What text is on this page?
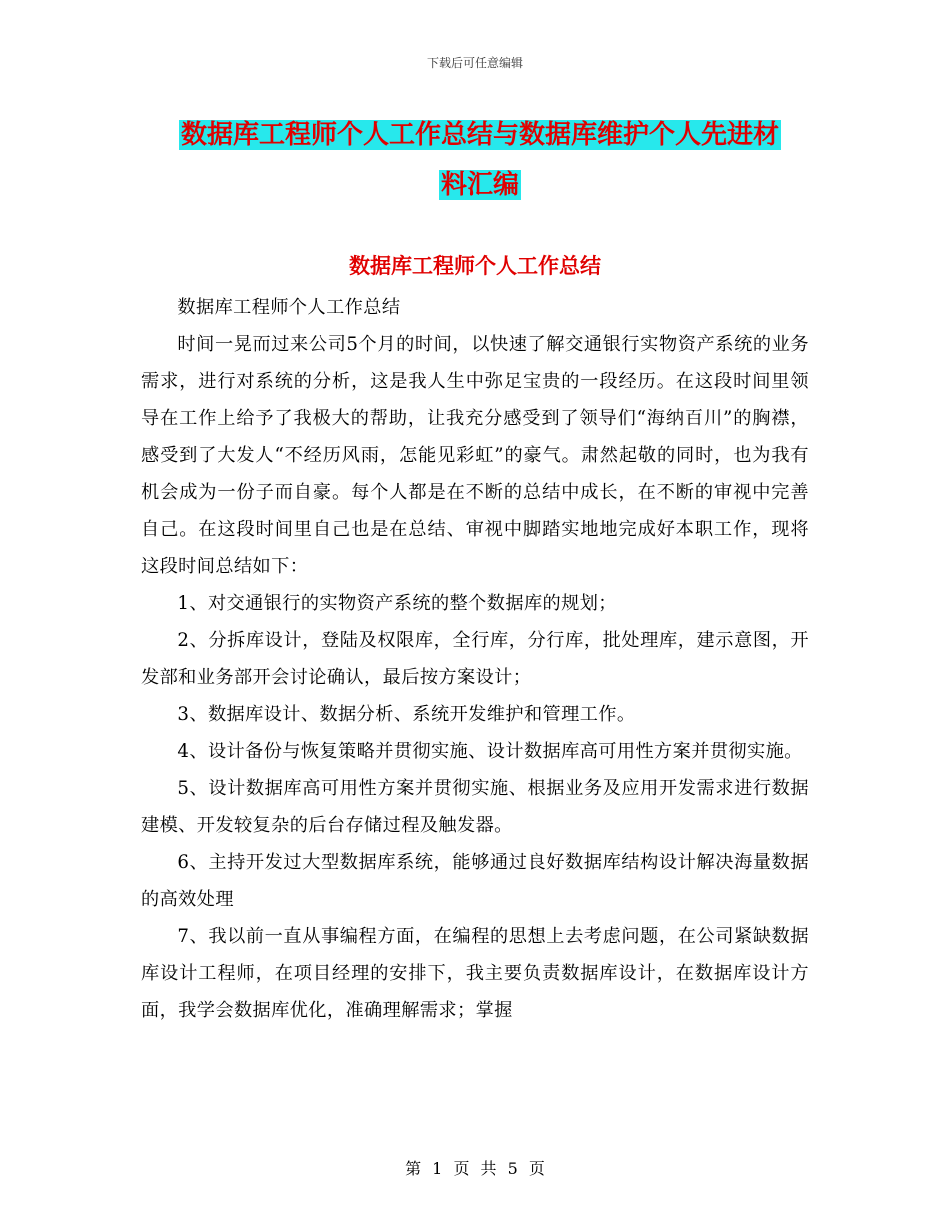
下载后可任意编辑
数据库工程师个人工作总结与数据库维护个人先进材
料汇编
数据库工程师个人工作总结

数据库工程师个人工作总结

时间一晃而过来公司5个月的时间，以快速了解交通银行实物资产系统的业务需求，进行对系统的分析，这是我人生中弥足宝贵的一段经历。在这段时间里领导在工作上给予了我极大的帮助，让我充分感受到了领导们“海纳百川”的胸襟，感受到了大发人“不经历风雨，怎能见彩虹”的豪气。肃然起敬的同时，也为我有机会成为一份子而自豪。每个人都是在不断的总结中成长，在不断的审视中完善自己。在这段时间里自己也是在总结、审视中脚踏实地地完成好本职工作，现将这段时间总结如下：

1、对交通银行的实物资产系统的整个数据库的规划；

2、分拆库设计，登陆及权限库，全行库，分行库，批处理库，建示意图，开发部和业务部开会讨论确认，最后按方案设计；

3、数据库设计、数据分析、系统开发维护和管理工作。

4、设计备份与恢复策略并贯彻实施、设计数据库高可用性方案并贯彻实施。

5、设计数据库高可用性方案并贯彻实施、根据业务及应用开发需求进行数据建模、开发较复杂的后台存储过程及触发器。

6、主持开发过大型数据库系统，能够通过良好数据库结构设计解决海量数据的高效处理

7、我以前一直从事编程方面，在编程的思想上去考虑问题，在公司紧缺数据库设计工程师，在项目经理的安排下，我主要负责数据库设计，在数据库设计方面，我学会数据库优化，准确理解需求；掌握

第 1 页 共 5 页
